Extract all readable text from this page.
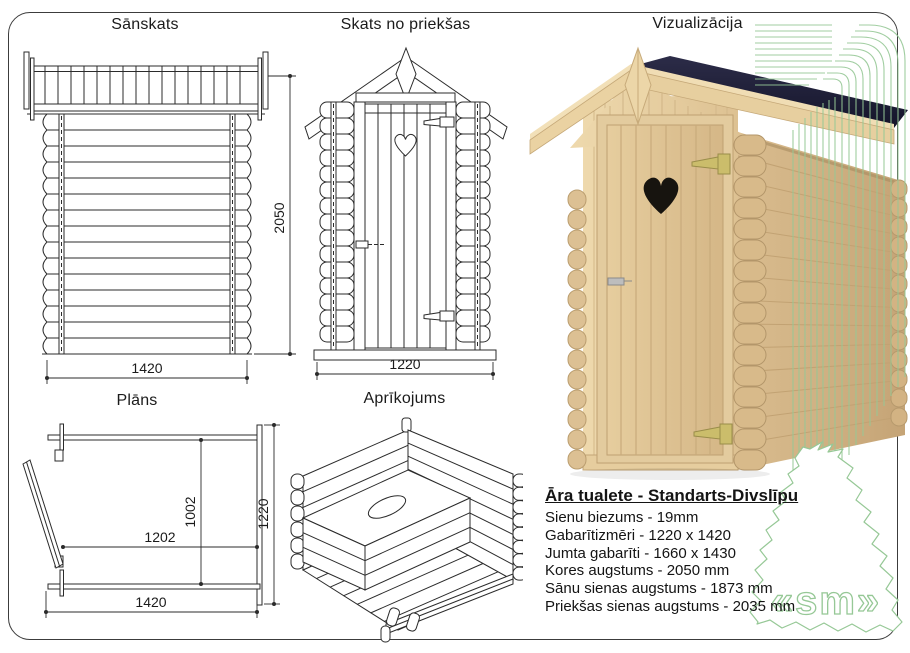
Sānskats	Skats no priekšas	Vizualizācija
Plāns	Aprīkojums
1420
2050
1220
1002
1202
1220
1420	«sm»
Āra tualete - Standarts-Divslīpu
Sienu biezums - 19mm
Gabarītizmēri - 1220 x 1420
Jumta gabarīti - 1660 x 1430
Kores augstums - 2050 mm
Sānu sienas augstums - 1873 mm
Priekšas sienas augstums - 2035 mm
